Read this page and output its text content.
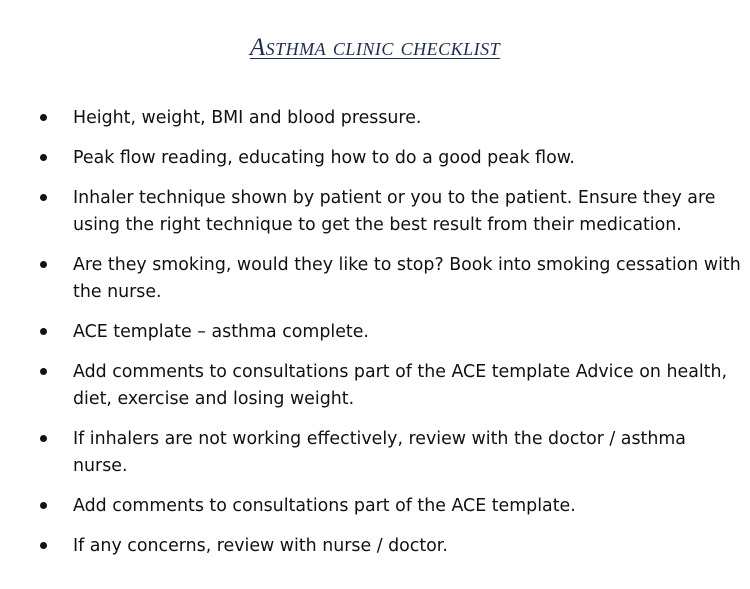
Asthma clinic checklist
Height, weight, BMI and blood pressure.
Peak flow reading, educating how to do a good peak flow.
Inhaler technique shown by patient or you to the patient. Ensure they are using the right technique to get the best result from their medication.
Are they smoking, would they like to stop? Book into smoking cessation with the nurse.
ACE template – asthma complete.
Add comments to consultations part of the ACE template Advice on health, diet, exercise and losing weight.
If inhalers are not working effectively, review with the doctor / asthma nurse.
Add comments to consultations part of the ACE template.
If any concerns, review with nurse / doctor.
